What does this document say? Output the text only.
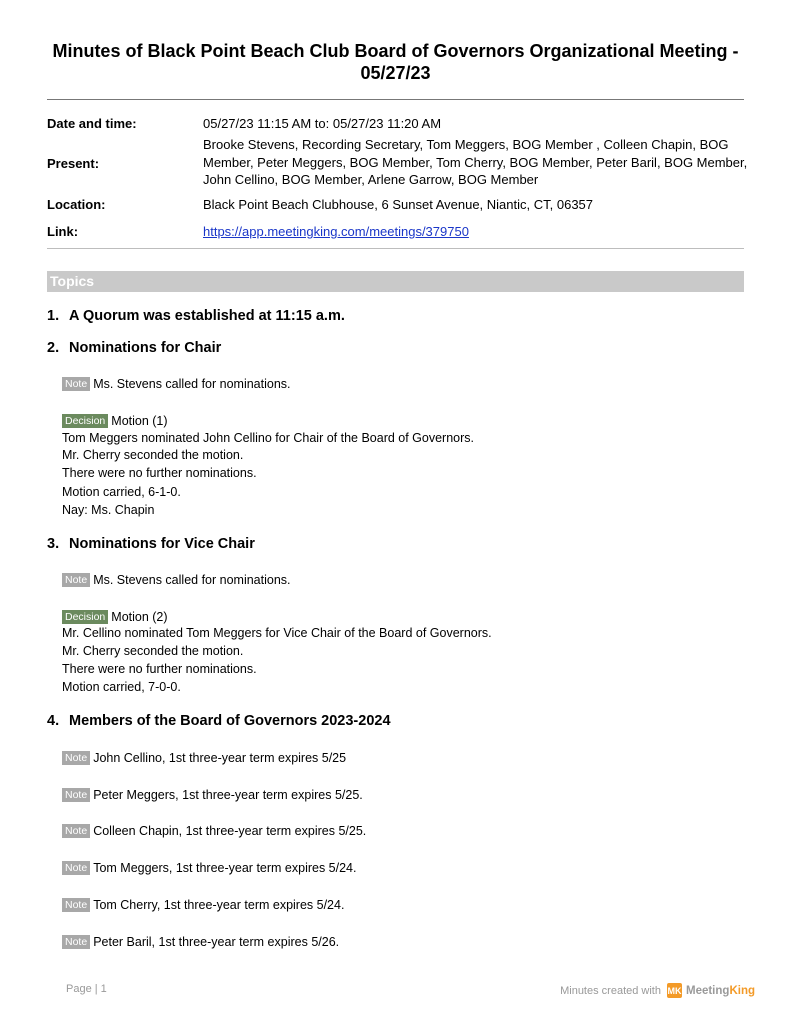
Minutes of Black Point Beach Club Board of Governors Organizational Meeting - 05/27/23
Date and time:	05/27/23 11:15 AM to: 05/27/23 11:20 AM
Present:
Brooke Stevens, Recording Secretary, Tom Meggers, BOG Member , Colleen Chapin, BOG Member, Peter Meggers, BOG Member, Tom Cherry, BOG Member, Peter Baril, BOG Member, John Cellino, BOG Member, Arlene Garrow, BOG Member
Location:	Black Point Beach Clubhouse, 6 Sunset Avenue, Niantic, CT, 06357
Link:	https://app.meetingking.com/meetings/379750
Topics
1. A Quorum was established at 11:15 a.m.
2. Nominations for Chair
Note Ms. Stevens called for nominations.
Decision Motion (1)
Tom Meggers nominated John Cellino for Chair of the Board of Governors.
Mr. Cherry seconded the motion.
There were no further nominations.
Motion carried, 6-1-0.
Nay: Ms. Chapin
3. Nominations for Vice Chair
Note Ms. Stevens called for nominations.
Decision Motion (2)
Mr. Cellino nominated Tom Meggers for Vice Chair of the Board of Governors.
Mr. Cherry seconded the motion.
There were no further nominations.
Motion carried, 7-0-0.
4. Members of the Board of Governors 2023-2024
Note John Cellino, 1st three-year term expires 5/25
Note Peter Meggers, 1st three-year term expires 5/25.
Note Colleen Chapin, 1st three-year term expires 5/25.
Note Tom Meggers, 1st three-year term expires 5/24.
Note Tom Cherry, 1st three-year term expires 5/24.
Note Peter Baril, 1st three-year term expires 5/26.
Page | 1	Minutes created with MK MeetingKing
